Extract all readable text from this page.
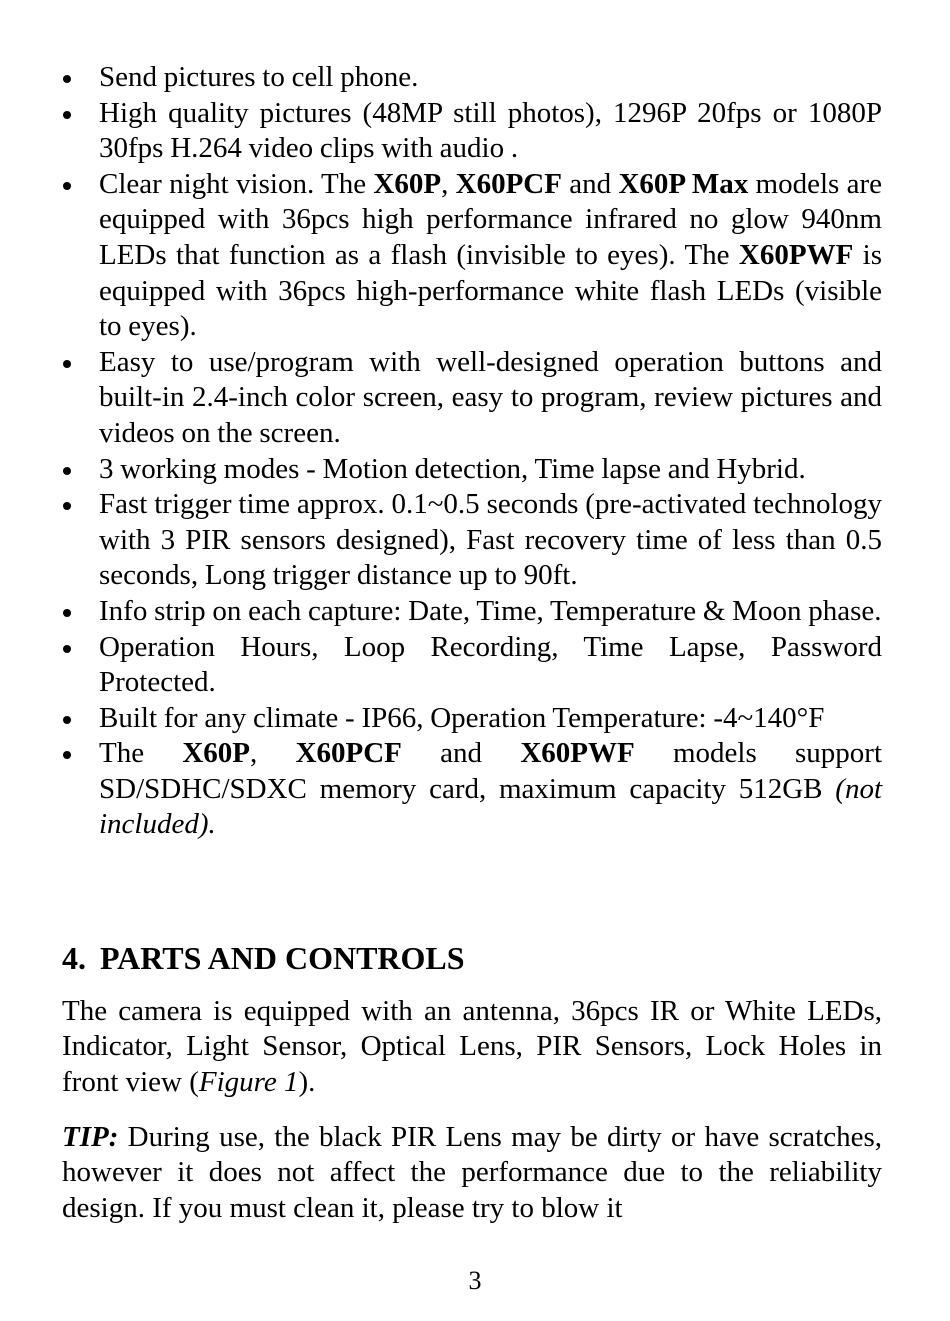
Send pictures to cell phone.
High quality pictures (48MP still photos), 1296P 20fps or 1080P 30fps H.264 video clips with audio .
Clear night vision. The X60P, X60PCF and X60P Max models are equipped with 36pcs high performance infrared no glow 940nm LEDs that function as a flash (invisible to eyes). The X60PWF is equipped with 36pcs high-performance white flash LEDs (visible to eyes).
Easy to use/program with well-designed operation buttons and built-in 2.4-inch color screen, easy to program, review pictures and videos on the screen.
3 working modes - Motion detection, Time lapse and Hybrid.
Fast trigger time approx. 0.1~0.5 seconds (pre-activated technology with 3 PIR sensors designed), Fast recovery time of less than 0.5 seconds, Long trigger distance up to 90ft.
Info strip on each capture: Date, Time, Temperature & Moon phase.
Operation Hours, Loop Recording, Time Lapse, Password Protected.
Built for any climate - IP66, Operation Temperature: -4~140°F
The X60P, X60PCF and X60PWF models support SD/SDHC/SDXC memory card, maximum capacity 512GB (not included).
4. PARTS AND CONTROLS

The camera is equipped with an antenna, 36pcs IR or White LEDs, Indicator, Light Sensor, Optical Lens, PIR Sensors, Lock Holes in front view (Figure 1).

TIP: During use, the black PIR Lens may be dirty or have scratches, however it does not affect the performance due to the reliability design. If you must clean it, please try to blow it

3
